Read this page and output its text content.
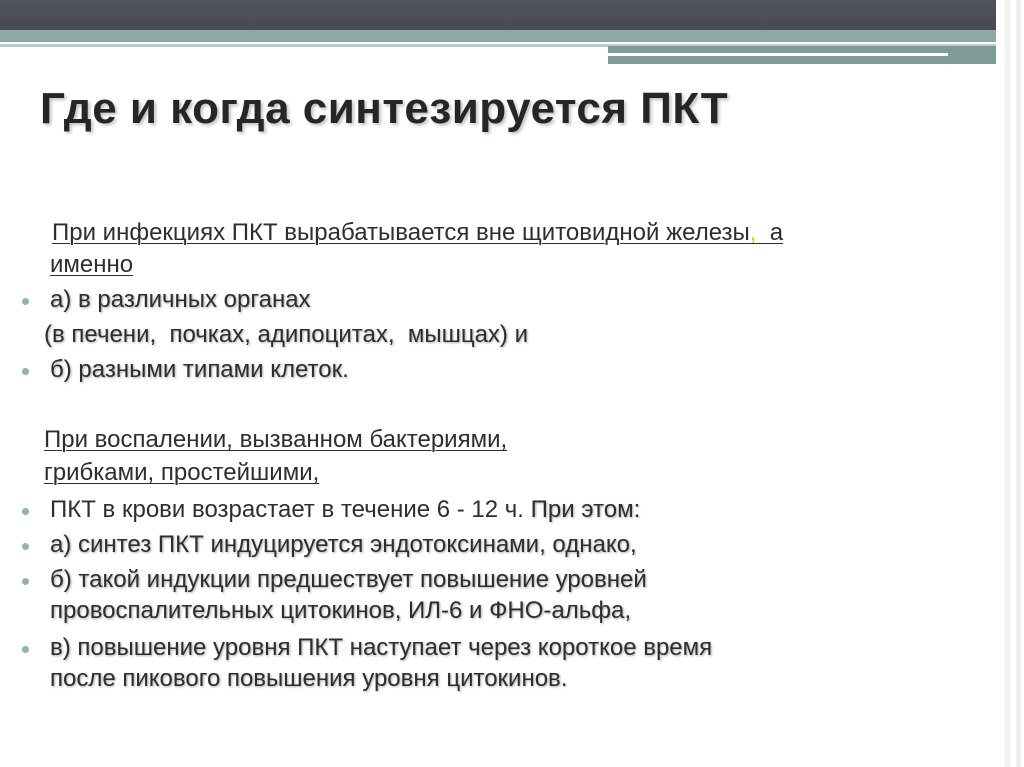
Где и когда синтезируется ПКТ
При инфекциях ПКТ вырабатывается вне щитовидной железы,  а
именно
а) в различных органах
(в печени,  почках, адипоцитах,  мышцах) и
б) разными типами клеток.
При воспалении, вызванном бактериями,
грибками, простейшими,
ПКТ в крови возрастает в течение 6 - 12 ч. При этом:
а) синтез ПКТ индуцируется эндотоксинами, однако,
б) такой индукции предшествует повышение уровней
провоспалительных цитокинов, ИЛ-6 и ФНО-альфа,
в) повышение уровня ПКТ наступает через короткое время
после пикового повышения уровня цитокинов.
